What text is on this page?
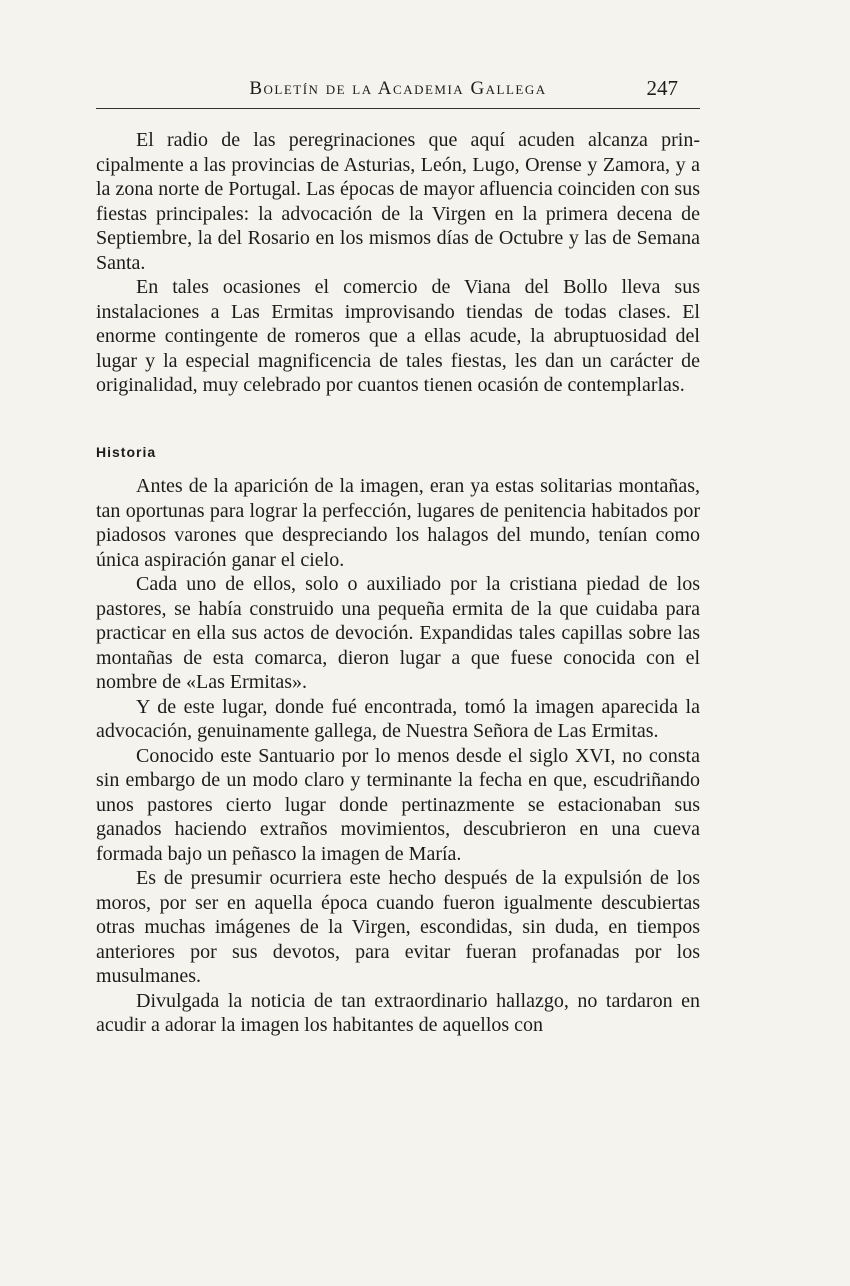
Boletín de la Academia Gallega	247

El radio de las peregrinaciones que aquí acuden alcanza principalmente a las provincias de Asturias, León, Lugo, Orense y Zamora, y a la zona norte de Portugal. Las épocas de mayor afluencia coinciden con sus fiestas principales: la advocación de la Virgen en la primera decena de Septiembre, la del Rosario en los mismos días de Octubre y las de Semana Santa.

En tales ocasiones el comercio de Viana del Bollo lleva sus instalaciones a Las Ermitas improvisando tiendas de todas clases. El enorme contingente de romeros que a ellas acude, la abruptuosidad del lugar y la especial magnificencia de tales fiestas, les dan un carácter de originalidad, muy celebrado por cuantos tienen ocasión de contemplarlas.

Historia

Antes de la aparición de la imagen, eran ya estas solitarias montañas, tan oportunas para lograr la perfección, lugares de penitencia habitados por piadosos varones que despreciando los halagos del mundo, tenían como única aspiración ganar el cielo.

Cada uno de ellos, solo o auxiliado por la cristiana piedad de los pastores, se había construido una pequeña ermita de la que cuidaba para practicar en ella sus actos de devoción. Expandidas tales capillas sobre las montañas de esta comarca, dieron lugar a que fuese conocida con el nombre de «Las Ermitas».

Y de este lugar, donde fué encontrada, tomó la imagen aparecida la advocación, genuinamente gallega, de Nuestra Señora de Las Ermitas.

Conocido este Santuario por lo menos desde el siglo XVI, no consta sin embargo de un modo claro y terminante la fecha en que, escudriñando unos pastores cierto lugar donde pertinazmente se estacionaban sus ganados haciendo extraños movimientos, descubrieron en una cueva formada bajo un peñasco la imagen de María.

Es de presumir ocurriera este hecho después de la expulsión de los moros, por ser en aquella época cuando fueron igualmente descubiertas otras muchas imágenes de la Virgen, escondidas, sin duda, en tiempos anteriores por sus devotos, para evitar fueran profanadas por los musulmanes.

Divulgada la noticia de tan extraordinario hallazgo, no tardaron en acudir a adorar la imagen los habitantes de aquellos con
